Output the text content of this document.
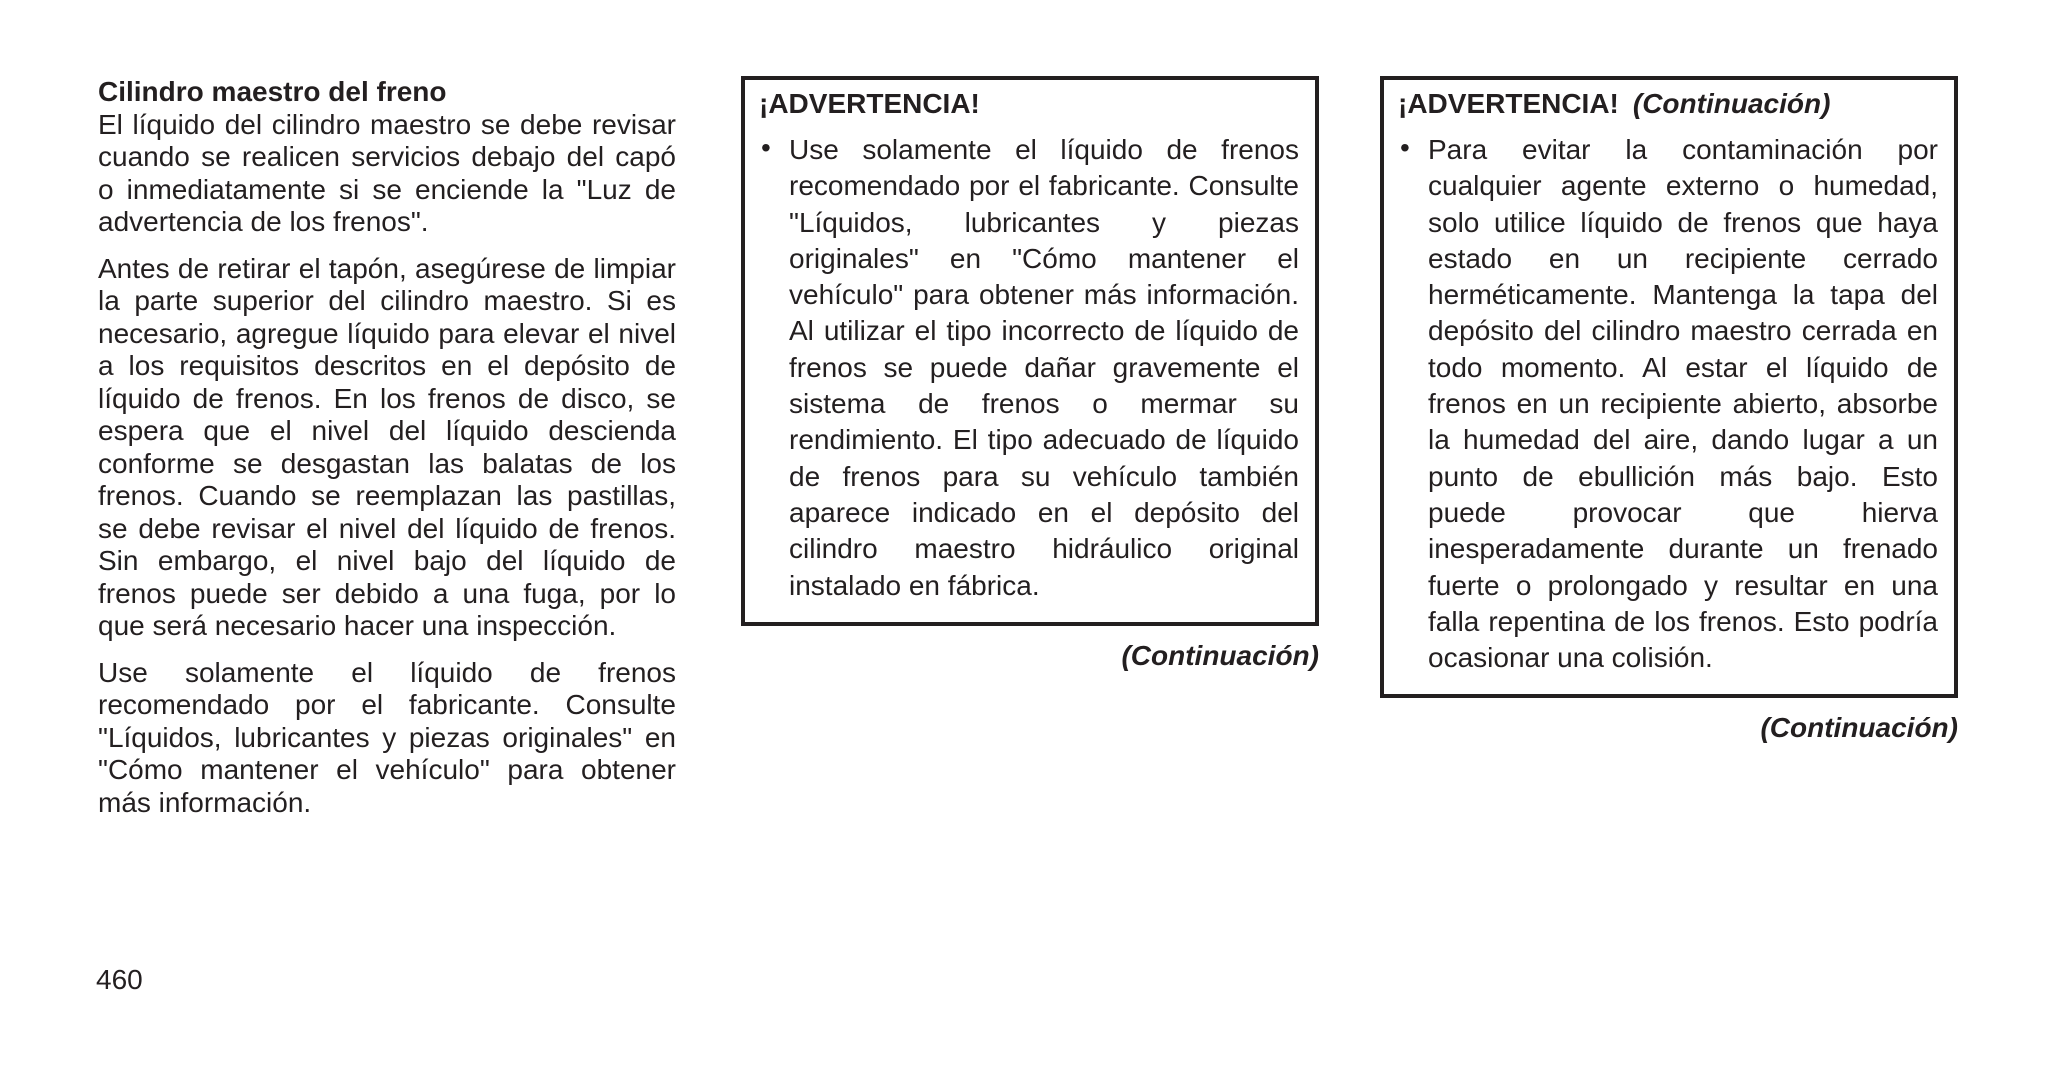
Cilindro maestro del freno

El líquido del cilindro maestro se debe revisar cuando se realicen servicios debajo del capó o inmediatamente si se enciende la "Luz de advertencia de los frenos".

Antes de retirar el tapón, asegúrese de limpiar la parte superior del cilindro maestro. Si es necesario, agregue líquido para elevar el nivel a los requisitos descritos en el depósito de líquido de frenos. En los frenos de disco, se espera que el nivel del líquido descienda conforme se desgastan las balatas de los frenos. Cuando se reemplazan las pastillas, se debe revisar el nivel del líquido de frenos. Sin embargo, el nivel bajo del líquido de frenos puede ser debido a una fuga, por lo que será necesario hacer una inspección.

Use solamente el líquido de frenos recomendado por el fabricante. Consulte "Líquidos, lubricantes y piezas originales" en "Cómo mantener el vehículo" para obtener más información.

¡ADVERTENCIA!

• Use solamente el líquido de frenos recomendado por el fabricante. Consulte "Líquidos, lubricantes y piezas originales" en "Cómo mantener el vehículo" para obtener más información. Al utilizar el tipo incorrecto de líquido de frenos se puede dañar gravemente el sistema de frenos o mermar su rendimiento. El tipo adecuado de líquido de frenos para su vehículo también aparece indicado en el depósito del cilindro maestro hidráulico original instalado en fábrica.

(Continuación)

¡ADVERTENCIA! (Continuación)

• Para evitar la contaminación por cualquier agente externo o humedad, solo utilice líquido de frenos que haya estado en un recipiente cerrado herméticamente. Mantenga la tapa del depósito del cilindro maestro cerrada en todo momento. Al estar el líquido de frenos en un recipiente abierto, absorbe la humedad del aire, dando lugar a un punto de ebullición más bajo. Esto puede provocar que hierva inesperadamente durante un frenado fuerte o prolongado y resultar en una falla repentina de los frenos. Esto podría ocasionar una colisión.

(Continuación)
460
